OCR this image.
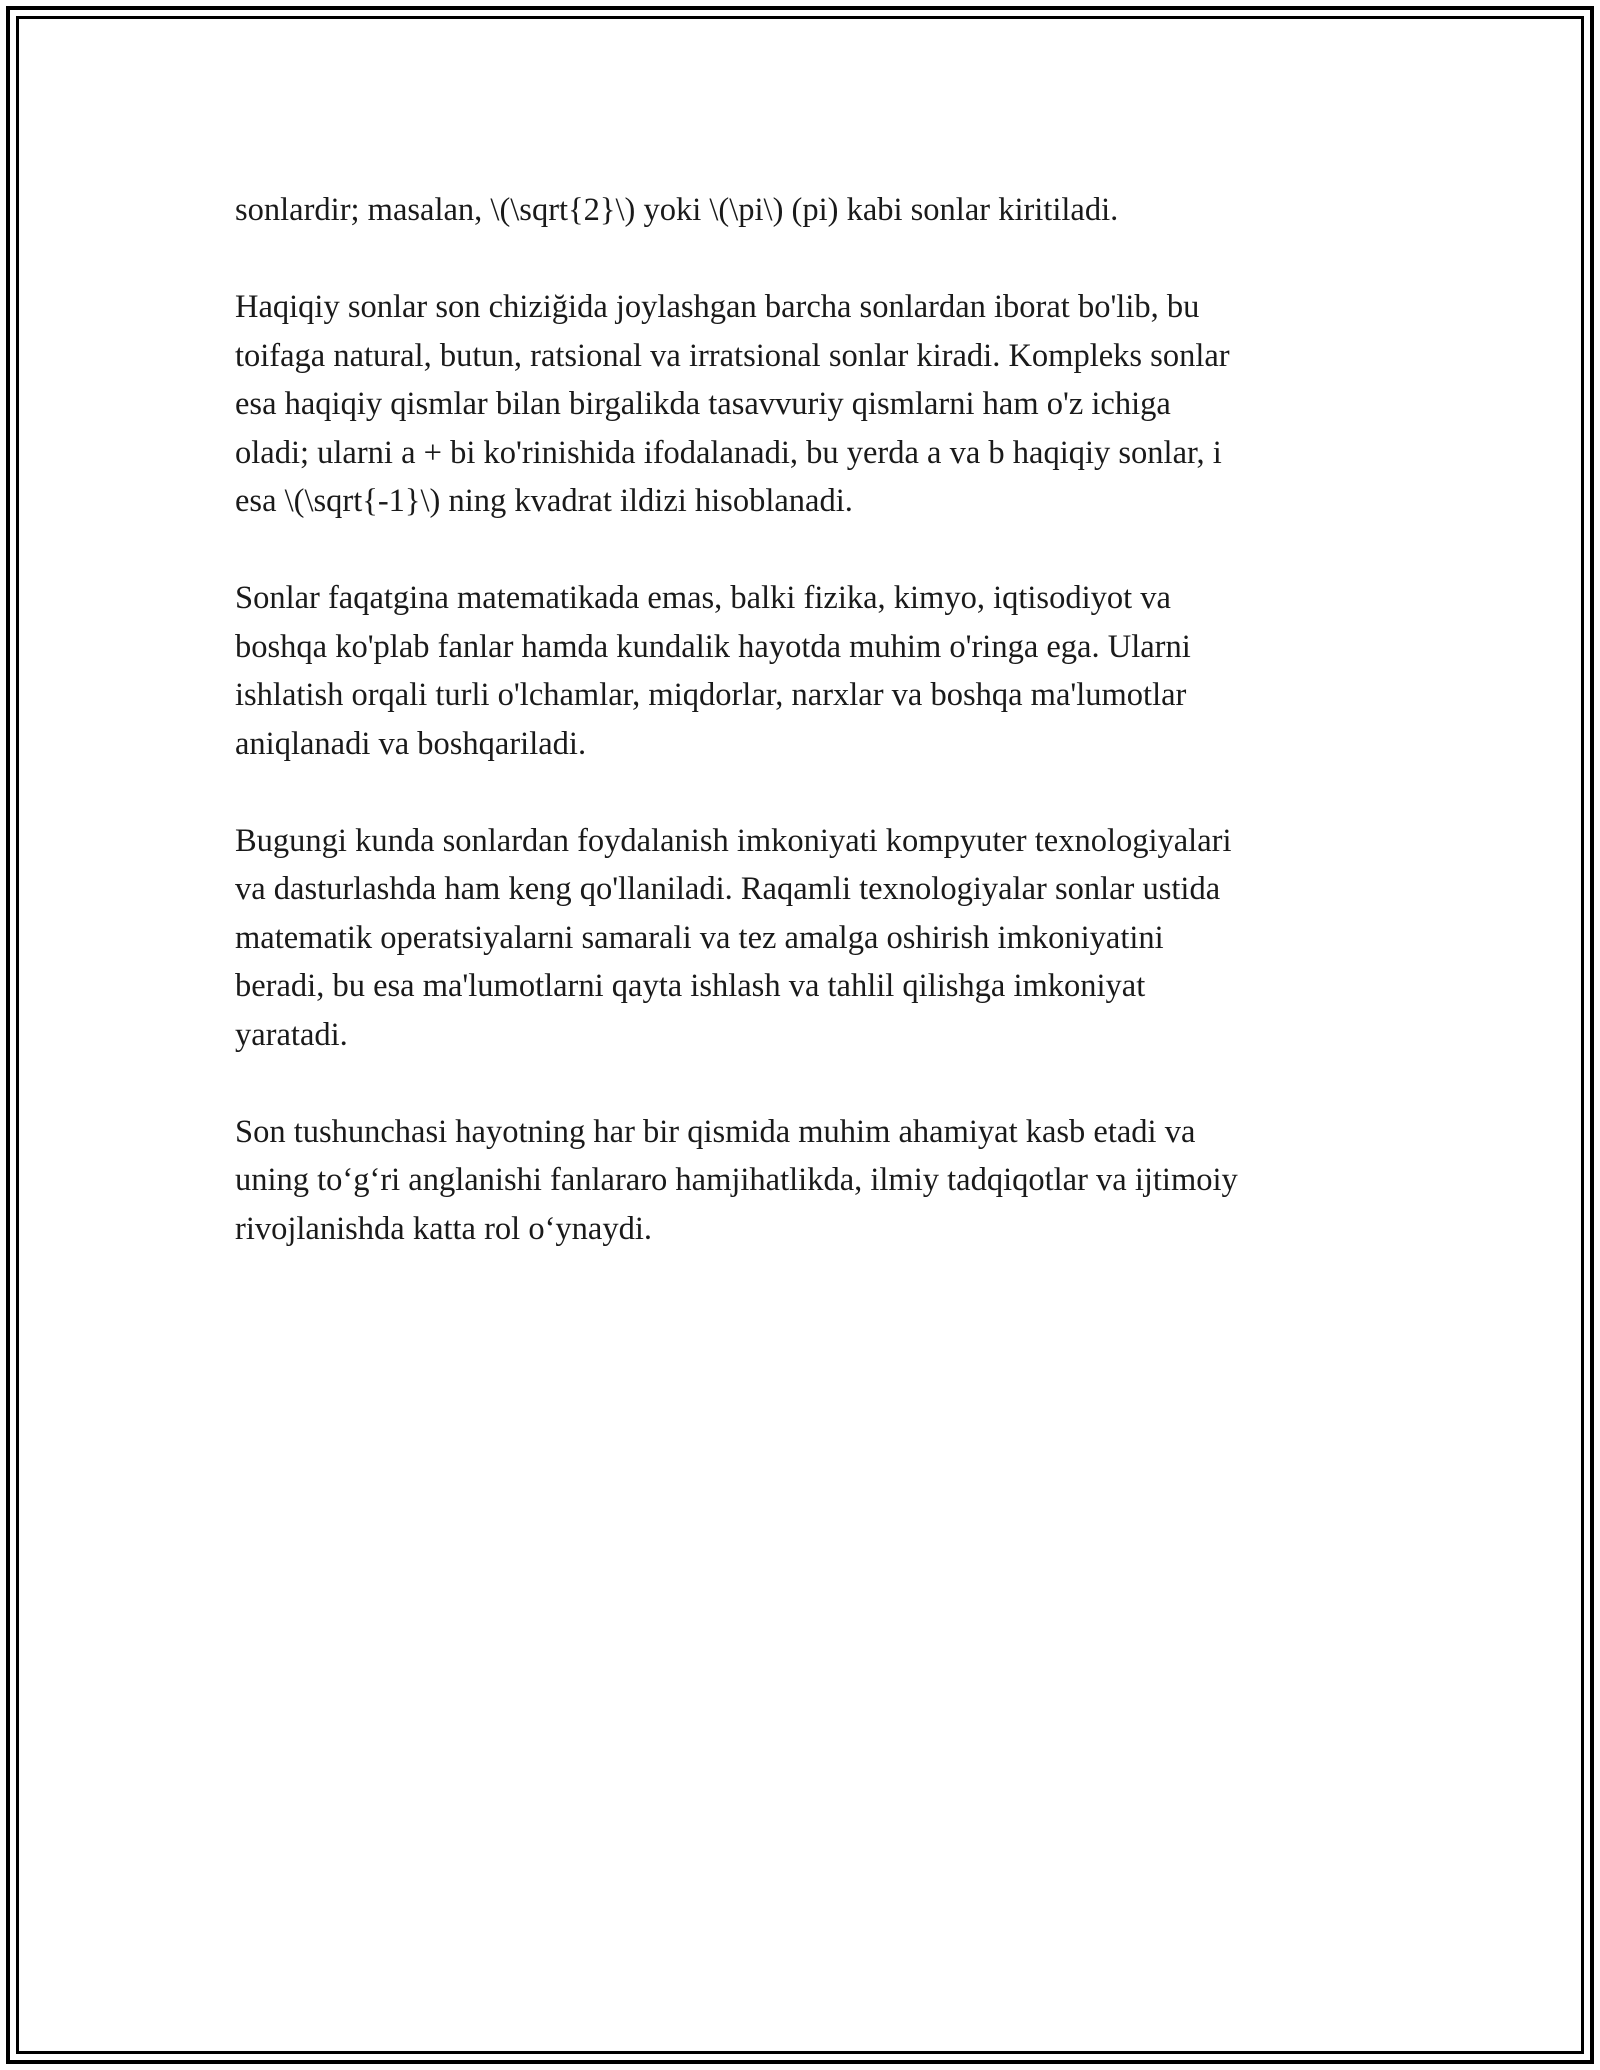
sonlardir; masalan, \(\sqrt{2}\) yoki \(\pi\) (pi) kabi sonlar kiritiladi.

Haqiqiy sonlar son chiziğida joylashgan barcha sonlardan iborat bo'lib, bu
toifaga natural, butun, ratsional va irratsional sonlar kiradi. Kompleks sonlar
esa haqiqiy qismlar bilan birgalikda tasavvuriy qismlarni ham o'z ichiga
oladi; ularni a + bi ko'rinishida ifodalanadi, bu yerda a va b haqiqiy sonlar, i
esa \(\sqrt{-1}\) ning kvadrat ildizi hisoblanadi.

Sonlar faqatgina matematikada emas, balki fizika, kimyo, iqtisodiyot va
boshqa ko'plab fanlar hamda kundalik hayotda muhim o'ringa ega. Ularni
ishlatish orqali turli o'lchamlar, miqdorlar, narxlar va boshqa ma'lumotlar
aniqlanadi va boshqariladi.

Bugungi kunda sonlardan foydalanish imkoniyati kompyuter texnologiyalari
va dasturlashda ham keng qo'llaniladi. Raqamli texnologiyalar sonlar ustida
matematik operatsiyalarni samarali va tez amalga oshirish imkoniyatini
beradi, bu esa ma'lumotlarni qayta ishlash va tahlil qilishga imkoniyat
yaratadi.

Son tushunchasi hayotning har bir qismida muhim ahamiyat kasb etadi va
uning to‘g‘ri anglanishi fanlararo hamjihatlikda, ilmiy tadqiqotlar va ijtimoiy
rivojlanishda katta rol o‘ynaydi.
